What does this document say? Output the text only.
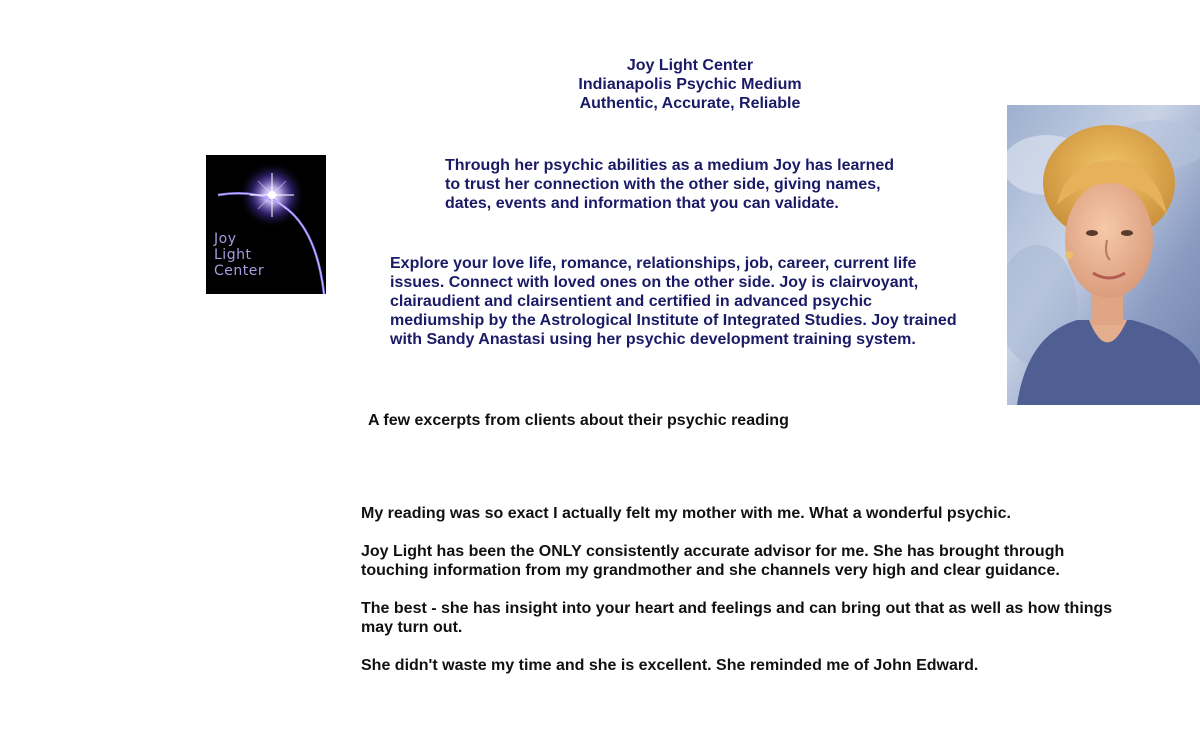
Joy Light Center
Indianapolis Psychic Medium
Authentic, Accurate, Reliable
Joy
Light
Center
Through her psychic abilities as a medium Joy has learned
to trust her connection with the other side, giving names,
dates, events and information that you can validate.
Explore your love life, romance, relationships, job, career, current life
issues. Connect with loved ones on the other side. Joy is clairvoyant,
clairaudient and clairsentient and certified in advanced psychic
mediumship by the Astrological Institute of Integrated Studies. Joy trained
with Sandy Anastasi using her psychic development training system.
A few excerpts from clients about their psychic reading
My reading was so exact I actually felt my mother with me. What a wonderful psychic.
Joy Light has been the ONLY consistently accurate advisor for me. She has brought through
touching information from my grandmother and she channels very high and clear guidance.
The best - she has insight into your heart and feelings and can bring out that as well as how things
may turn out.
She didn't waste my time and she is excellent. She reminded me of John Edward.
